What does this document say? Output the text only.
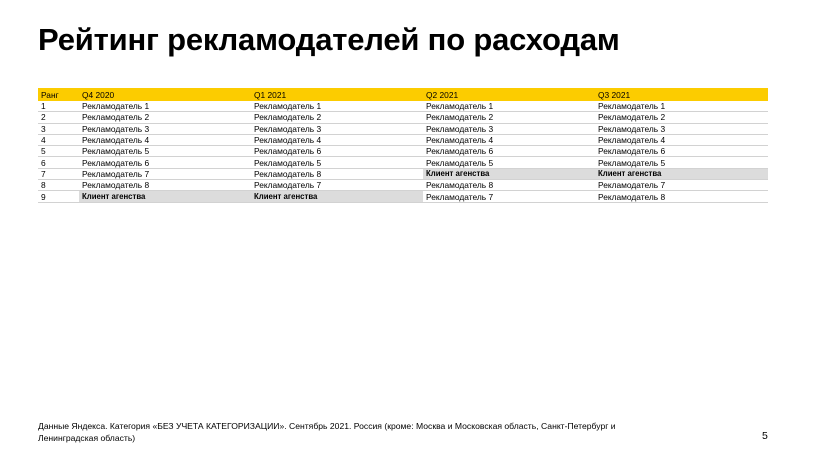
Рейтинг рекламодателей по расходам
Ранг	Q4 2020	Q1 2021	Q2 2021	Q3 2021
1	Рекламодатель 1	Рекламодатель 1	Рекламодатель 1	Рекламодатель 1
2	Рекламодатель 2	Рекламодатель 2	Рекламодатель 2	Рекламодатель 2
3	Рекламодатель 3	Рекламодатель 3	Рекламодатель 3	Рекламодатель 3
4	Рекламодатель 4	Рекламодатель 4	Рекламодатель 4	Рекламодатель 4
5	Рекламодатель 5	Рекламодатель 6	Рекламодатель 6	Рекламодатель 6
6	Рекламодатель 6	Рекламодатель 5	Рекламодатель 5	Рекламодатель 5
7	Рекламодатель 7	Рекламодатель 8	Клиент агенства	Клиент агенства
8	Рекламодатель 8	Рекламодатель 7	Рекламодатель 8	Рекламодатель 7
9	Клиент агенства	Клиент агенства	Рекламодатель 7	Рекламодатель 8
Данные Яндекса. Категория «БЕЗ УЧЕТА КАТЕГОРИЗАЦИИ». Сентябрь 2021. Россия (кроме: Москва и Московская область, Санкт-Петербург и Ленинградская область)	5
